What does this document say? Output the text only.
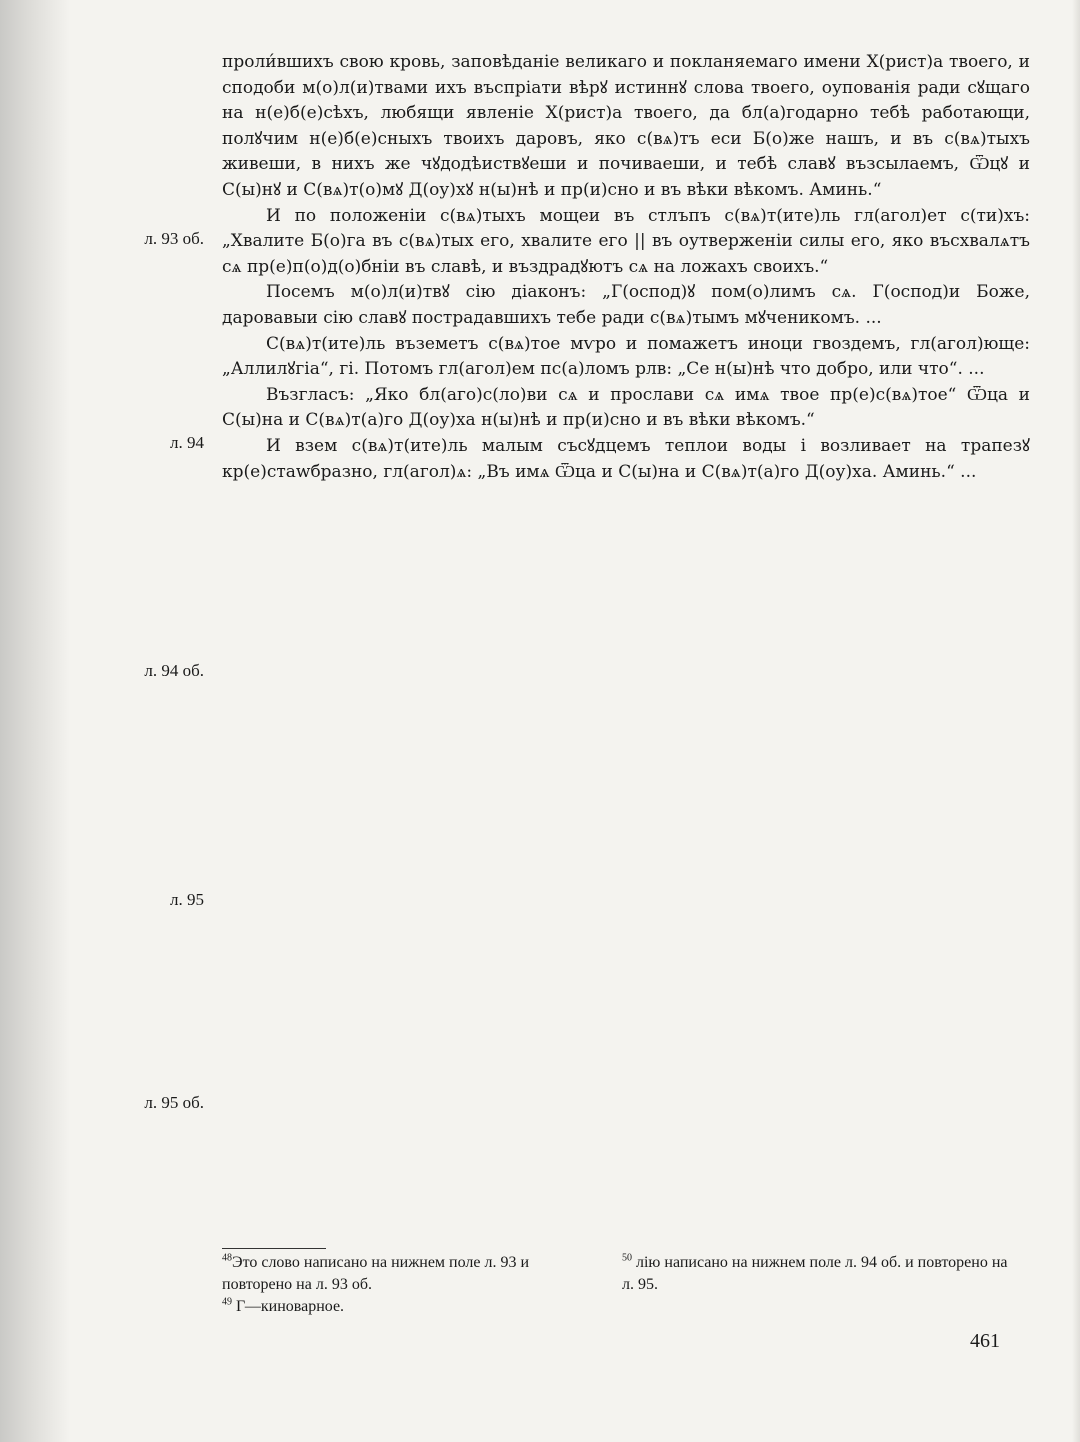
л. 93 об.
л. 94
л. 94 об.
л. 95
л. 95 об.

проли́вшихъ свою кровь, заповѣданіе великаго и покланяемаго имени Х(рист)а твоего, и сподоби м(о)л(и)твами ихъ въспріати вѣрꙋ истиннꙋ слова твоего, оупованія ради сꙋщаго на н(е)б(е)сѣхъ, любящи явленіе Х(рист)а твоего, да бл(а)годарно тебѣ работающи, полꙋчим н(е)б(е)сныхъ твоихъ даровъ, яко с(вѧ)тъ еси Б(о)же нашъ, и въ с(вѧ)тыхъ живеши, в нихъ же чꙋдодѣиствꙋеши и почиваеши, и тебѣ славꙋ възсылаемъ, Ѿцꙋ и С(ы)нꙋ и С(вѧ)т(о)мꙋ Д(оу)хꙋ н(ы)нѣ и пр(и)сно и въ вѣки вѣкомъ. Аминь.“

И по положеніи с(вѧ)тыхъ мощеи въ стлъпъ с(вѧ)т(ите)ль гл(агол)ет с(ти)хъ: „Хвалите Б(о)га въ с(вѧ)тых его, хвалите его || въ оутверженіи силы его, яко въсхвалѧтъ сѧ пр(е)п(о)д(о)бніи въ славѣ, и въздрадꙋютъ сѧ на ложахъ своихъ.“

Посемъ м(о)л(и)твꙋ сію діаконъ: „Г(оспод)ꙋ пом(о)лимъ сѧ. Г(оспод)и Боже, даровавыи сію славꙋ пострадавшихъ тебе ради с(вѧ)тымъ мꙋченикомъ. ...

С(вѧ)т(ите)ль въземетъ с(вѧ)тое мѵро и помажетъ иноци гвоздемъ, гл(агол)юще: „Аллилꙋгіа“, гі. Потомъ гл(агол)ем пс(а)ломъ рлв: „Се н(ы)нѣ что добро, или что“. ...

Възгласъ: „Яко бл(аго)с(ло)ви сѧ и прослави сѧ имѧ твое пр(е)с(вѧ)тое“ Ѿца и С(ы)на и С(вѧ)т(а)го Д(оу)ха н(ы)нѣ и пр(и)сно и въ вѣки вѣкомъ.“

И взем с(вѧ)т(ите)ль малым съсꙋдцемъ теплои воды і возливает на трапезꙋ кр(е)стаwбразно, гл(агол)ѧ: „Въ имѧ Ѿца и С(ы)на и С(вѧ)т(а)го Д(оу)ха. Аминь.“ ...

$^{48}$Это слово написано на нижнем поле л. 93 и повторено на л. 93 об.

$^{49}$ Г—киноварное.

$^{50}$ лію написано на нижнем поле л. 94 об. и повторено на л. 95.

461
